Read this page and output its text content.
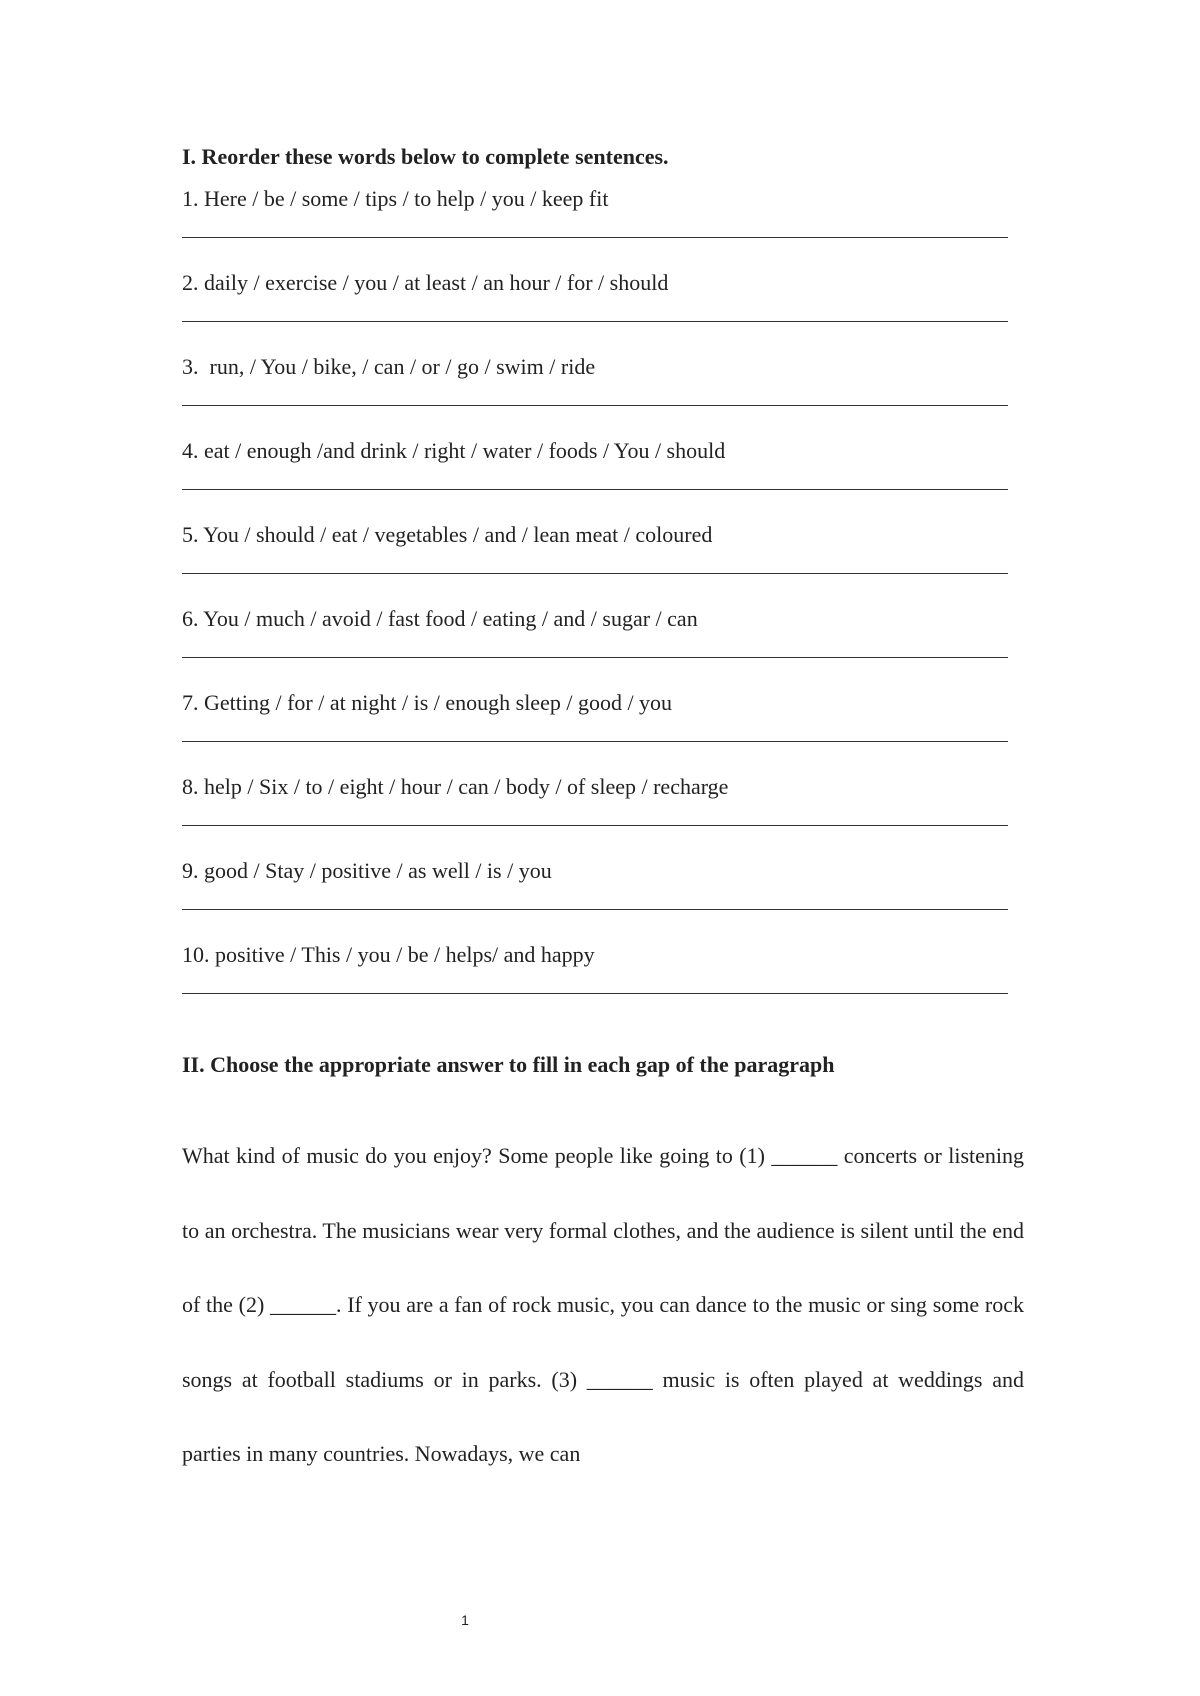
I. Reorder these words below to complete sentences.
1. Here / be / some / tips / to help / you / keep fit
2. daily / exercise / you / at least / an hour / for / should
3.  run, / You / bike, / can / or / go / swim / ride
4. eat / enough /and drink / right / water / foods / You / should
5. You / should / eat / vegetables / and / lean meat / coloured
6. You / much / avoid / fast food / eating / and / sugar / can
7. Getting / for / at night / is / enough sleep / good / you
8. help / Six / to / eight / hour / can / body / of sleep / recharge
9. good / Stay / positive / as well / is / you
10. positive / This / you / be / helps/ and happy
II. Choose the appropriate answer to fill in each gap of the paragraph

What kind of music do you enjoy? Some people like going to (1) ______ concerts or listening to an orchestra. The musicians wear very formal clothes, and the audience is silent until the end of the (2) ______. If you are a fan of rock music, you can dance to the music or sing some rock songs at football stadiums or in parks. (3) ______ music is often played at weddings and parties in many countries. Nowadays, we can

1
